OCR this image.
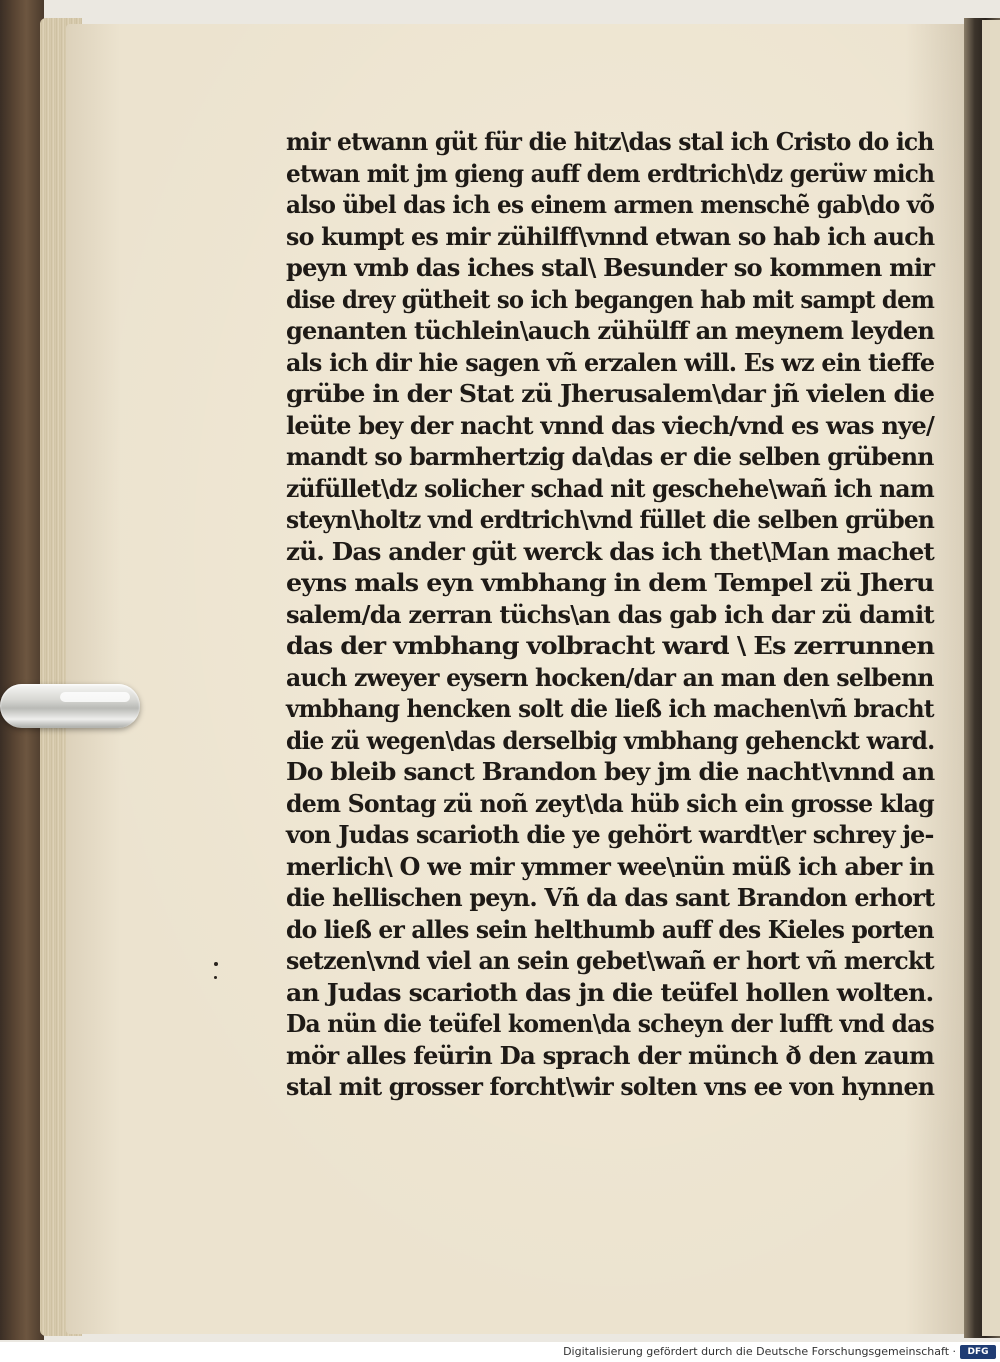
mir etwann güt für die hitz\das stal ich Cristo do ich
etwan mit jm gieng auff dem erdtrich\dz gerüw mich
also übel das ich es einem armen menschẽ gab\do võ
so kumpt es mir zühilff\vnnd etwan so hab ich auch
peyn vmb das iches stal\ Besunder so kommen mir
dise drey gütheit so ich begangen hab mit sampt dem
genanten tüchlein\auch zühülff an meynem leyden
als ich dir hie sagen vñ erzalen will. Es wz ein tieffe
grübe in der Stat zü Jherusalem\dar jñ vielen die
leüte bey der nacht vnnd das viech/vnd es was nye/
mandt so barmhertzig da\das er die selben grübenn
züfüllet\dz solicher schad nit geschehe\wañ ich nam
steyn\holtz vnd erdtrich\vnd füllet die selben grüben
zü. Das ander güt werck das ich thet\Man machet
eyns mals eyn vmbhang in dem Tempel zü Jheru
salem/da zerran tüchs\an das gab ich dar zü damit
das der vmbhang volbracht ward \ Es zerrunnen
auch zweyer eysern hocken/dar an man den selbenn
vmbhang hencken solt die ließ ich machen\vñ bracht
die zü wegen\das derselbig vmbhang gehenckt ward.
Do bleib sanct Brandon bey jm die nacht\vnnd an
dem Sontag zü noñ zeyt\da hüb sich ein grosse klag
von Judas scarioth die ye gehört wardt\er schrey je-
merlich\ O we mir ymmer wee\nün müß ich aber in
die hellischen peyn. Vñ da das sant Brandon erhort
do ließ er alles sein helthumb auff des Kieles porten
setzen\vnd viel an sein gebet\wañ er hort vñ merckt
an Judas scarioth das jn die teüfel hollen wolten.
Da nün die teüfel komen\da scheyn der lufft vnd das
mör alles feürin Da sprach der münch ð den zaum
stal mit grosser forcht\wir solten vns ee von hynnen
Digitalisierung gefördert durch die Deutsche Forschungsgemeinschaft ·	DFG
